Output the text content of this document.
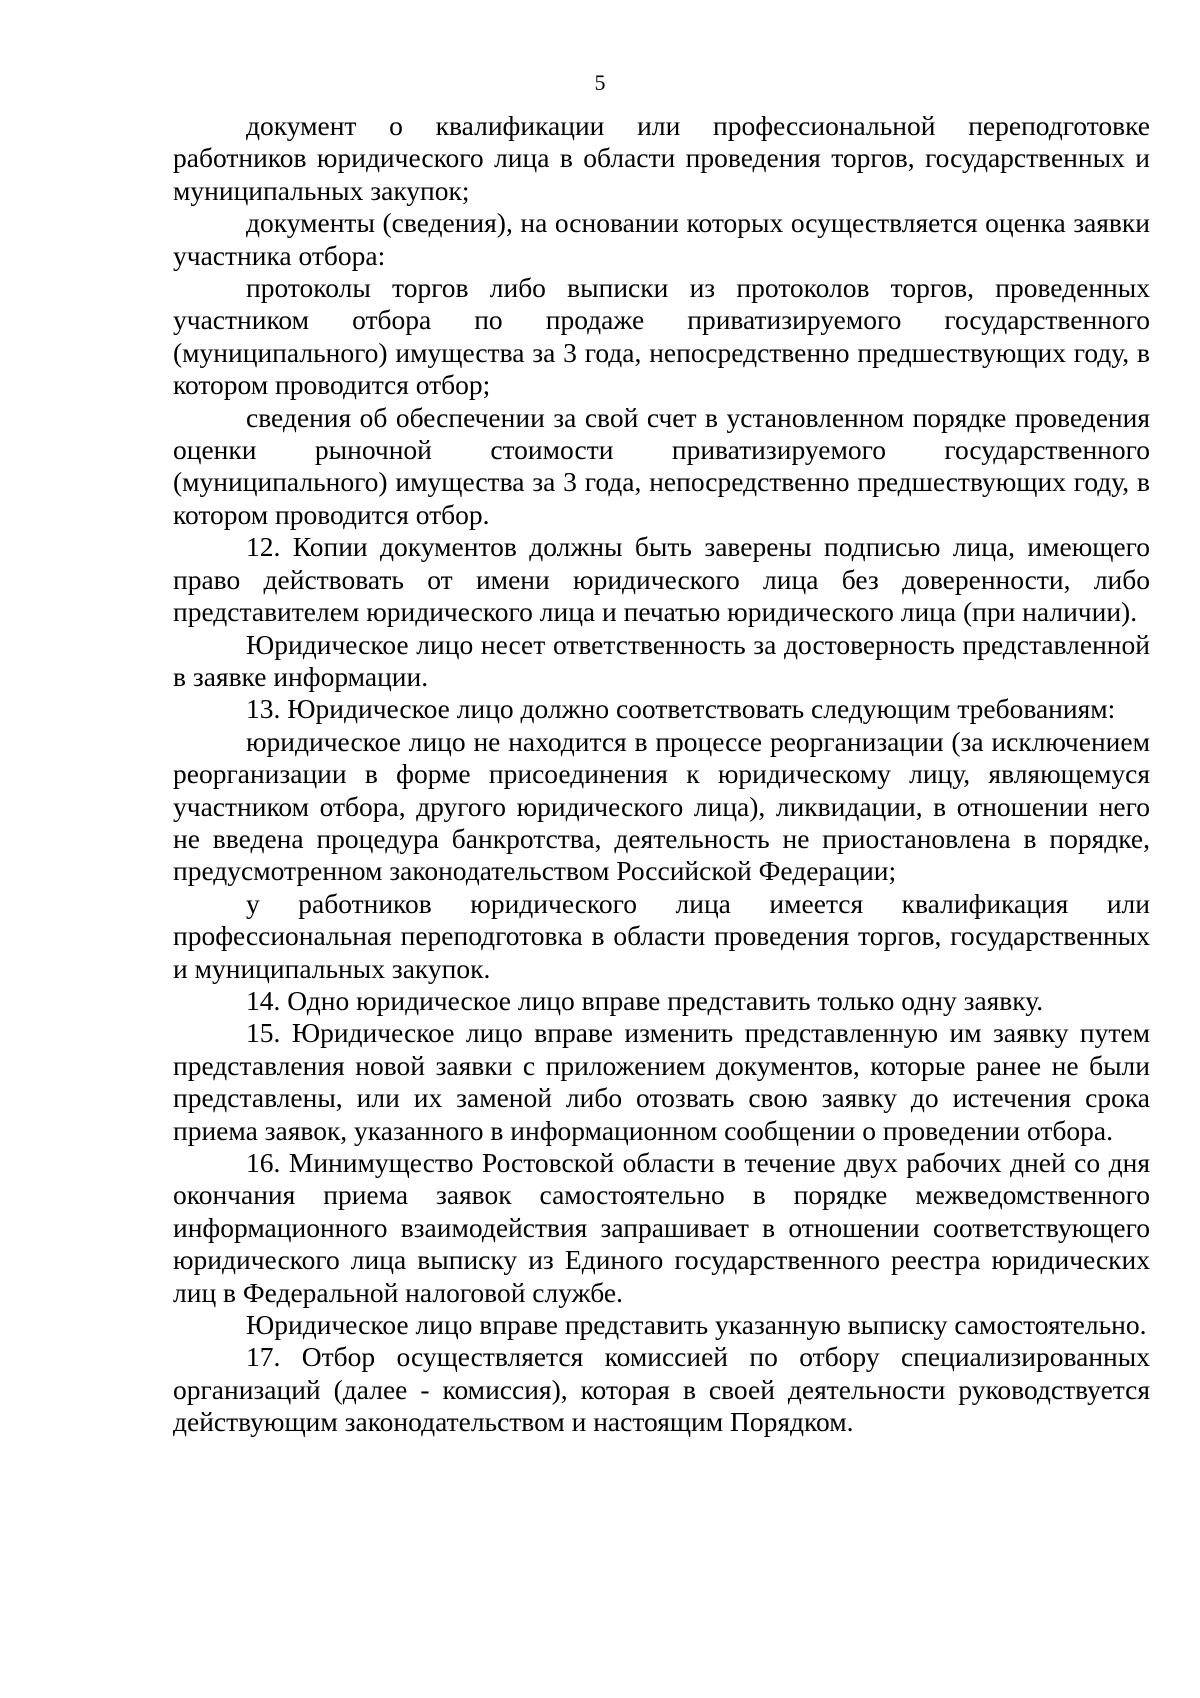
5

документ о квалификации или профессиональной переподготовке работников юридического лица в области проведения торгов, государственных и муниципальных закупок;

документы (сведения), на основании которых осуществляется оценка заявки участника отбора:

протоколы торгов либо выписки из протоколов торгов, проведенных участником отбора по продаже приватизируемого государственного (муниципального) имущества за 3 года, непосредственно предшествующих году, в котором проводится отбор;

сведения об обеспечении за свой счет в установленном порядке проведения оценки рыночной стоимости приватизируемого государственного (муниципального) имущества за 3 года, непосредственно предшествующих году, в котором проводится отбор.

12. Копии документов должны быть заверены подписью лица, имеющего право действовать от имени юридического лица без доверенности, либо представителем юридического лица и печатью юридического лица (при наличии).

Юридическое лицо несет ответственность за достоверность представленной в заявке информации.

13. Юридическое лицо должно соответствовать следующим требованиям:

юридическое лицо не находится в процессе реорганизации (за исключением реорганизации в форме присоединения к юридическому лицу, являющемуся участником отбора, другого юридического лица), ликвидации, в отношении него не введена процедура банкротства, деятельность не приостановлена в порядке, предусмотренном законодательством Российской Федерации;

у работников юридического лица имеется квалификация или профессиональная переподготовка в области проведения торгов, государственных и муниципальных закупок.

14. Одно юридическое лицо вправе представить только одну заявку.

15. Юридическое лицо вправе изменить представленную им заявку путем представления новой заявки с приложением документов, которые ранее не были представлены, или их заменой либо отозвать свою заявку до истечения срока приема заявок, указанного в информационном сообщении о проведении отбора.

16. Минимущество Ростовской области в течение двух рабочих дней со дня окончания приема заявок самостоятельно в порядке межведомственного информационного взаимодействия запрашивает в отношении соответствующего юридического лица выписку из Единого государственного реестра юридических лиц в Федеральной налоговой службе.

Юридическое лицо вправе представить указанную выписку самостоятельно.

17. Отбор осуществляется комиссией по отбору специализированных организаций (далее - комиссия), которая в своей деятельности руководствуется действующим законодательством и настоящим Порядком.
